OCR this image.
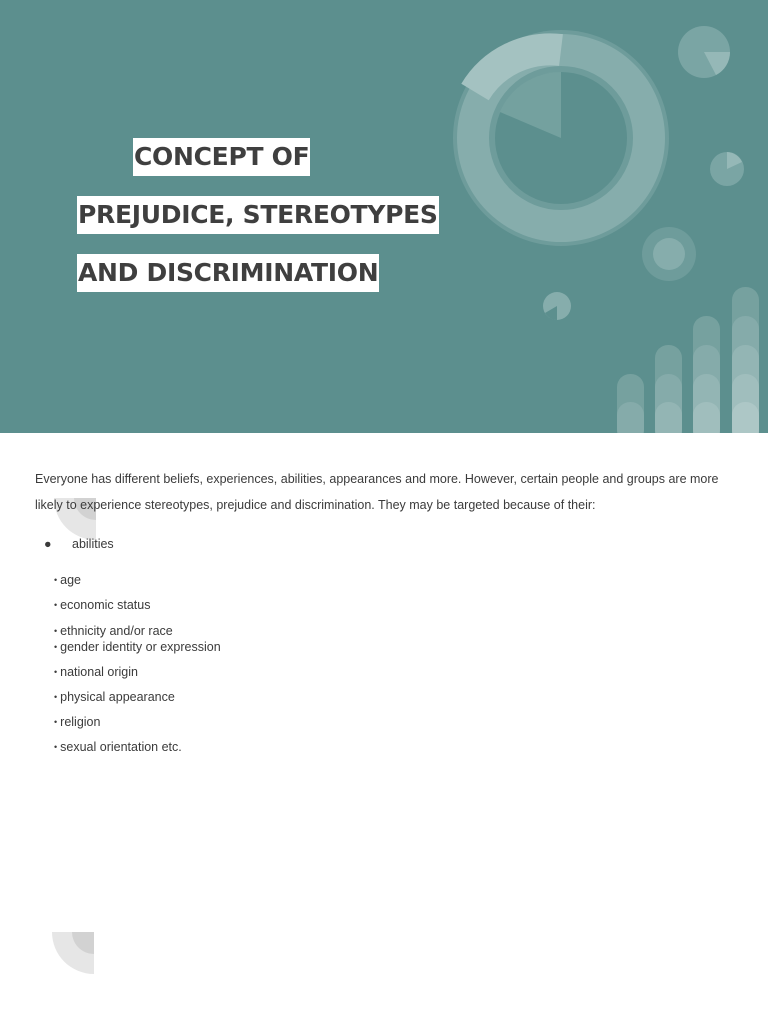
CONCEPT OF
PREJUDICE, STEREOTYPES
AND DISCRIMINATION
Everyone has different beliefs, experiences, abilities, appearances and more. However, certain people and groups are more likely to experience stereotypes, prejudice and discrimination. They may be targeted because of their:
● abilities
• age
• economic status
• ethnicity and/or race
• gender identity or expression
• national origin
• physical appearance
• religion
• sexual orientation etc.
